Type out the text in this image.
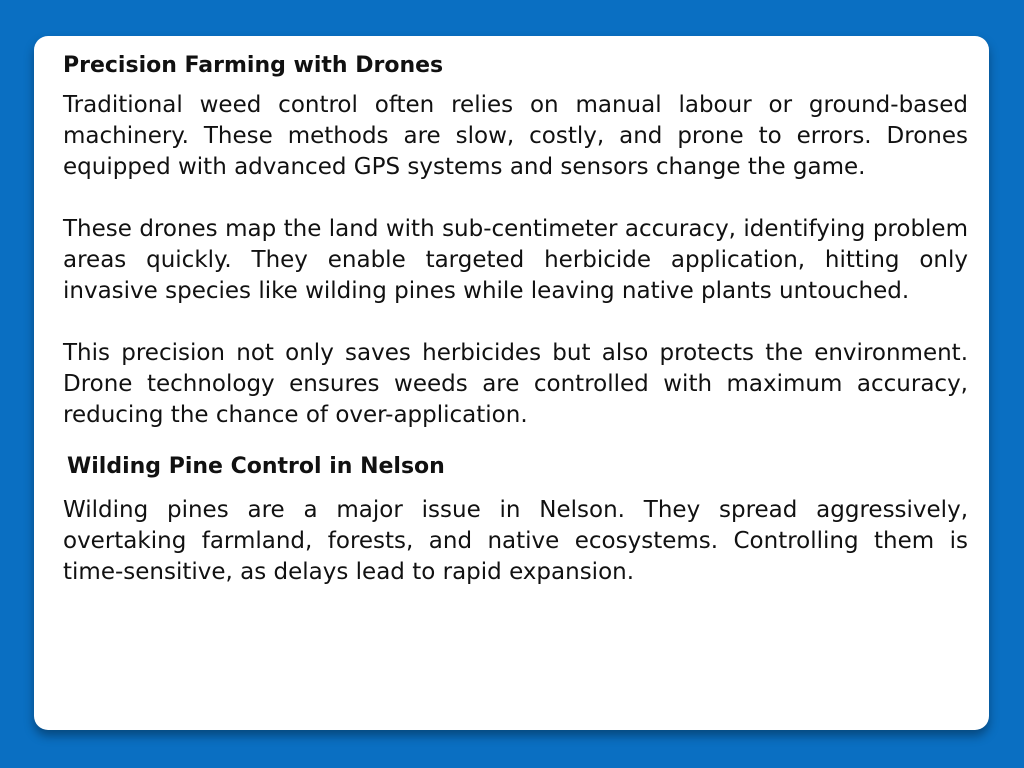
Precision Farming with Drones

Traditional weed control often relies on manual labour or ground-based machinery. These methods are slow, costly, and prone to errors. Drones equipped with advanced GPS systems and sensors change the game.

These drones map the land with sub-centimeter accuracy, identifying problem areas quickly. They enable targeted herbicide application, hitting only invasive species like wilding pines while leaving native plants untouched.

This precision not only saves herbicides but also protects the environment. Drone technology ensures weeds are controlled with maximum accuracy, reducing the chance of over-application.

Wilding Pine Control in Nelson

Wilding pines are a major issue in Nelson. They spread aggressively, overtaking farmland, forests, and native ecosystems. Controlling them is time-sensitive, as delays lead to rapid expansion.
